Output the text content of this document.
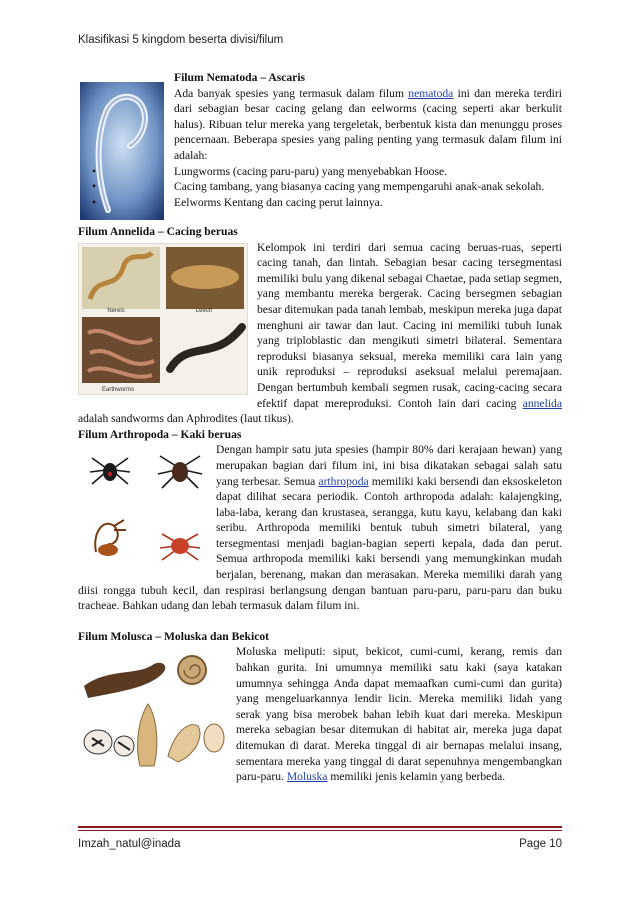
Klasifikasi 5 kingdom beserta divisi/filum
Filum Nematoda – Ascaris

Ada banyak spesies yang termasuk dalam filum nematoda ini dan mereka terdiri dari sebagian besar cacing gelang dan eelworms (cacing seperti akar berkulit halus). Ribuan telur mereka yang tergeletak, berbentuk kista dan menunggu proses pencernaan. Beberapa spesies yang paling penting yang termasuk dalam filum ini adalah:

• Lungworms (cacing paru-paru) yang menyebabkan Hoose.
• Cacing tambang, yang biasanya cacing yang mempengaruhi anak-anak sekolah.
• Eelworms Kentang dan cacing perut lainnya.
Filum Annelida – Cacing beruas
Nereis	Leech
Earthworms

Kelompok ini terdiri dari semua cacing beruas-ruas, seperti cacing tanah, dan lintah. Sebagian besar cacing tersegmentasi memiliki bulu yang dikenal sebagai Chaetae, pada setiap segmen, yang membantu mereka bergerak. Cacing bersegmen sebagian besar ditemukan pada tanah lembab, meskipun mereka juga dapat menghuni air tawar dan laut. Cacing ini memiliki tubuh lunak yang triploblastic dan mengikuti simetri bilateral. Sementara reproduksi biasanya seksual, mereka memiliki cara lain yang unik reproduksi – reproduksi aseksual melalui peremajaan. Dengan bertumbuh kembali segmen rusak, cacing-cacing secara efektif dapat mereproduksi. Contoh lain dari cacing annelida adalah sandworms dan Aphrodites (laut tikus).

Filum Arthropoda – Kaki beruas

Dengan hampir satu juta spesies (hampir 80% dari kerajaan hewan) yang merupakan bagian dari filum ini, ini bisa dikatakan sebagai salah satu yang terbesar. Semua arthropoda memiliki kaki bersendi dan eksoskeleton dapat dilihat secara periodik. Contoh arthropoda adalah: kalajengking, laba-laba, kerang dan krustasea, serangga, kutu kayu, kelabang dan kaki seribu. Arthropoda memiliki bentuk tubuh simetri bilateral, yang tersegmentasi menjadi bagian-bagian seperti kepala, dada dan perut. Semua arthropoda memiliki kaki bersendi yang memungkinkan mudah berjalan, berenang, makan dan merasakan. Mereka memiliki darah yang diisi rongga tubuh kecil, dan respirasi berlangsung dengan bantuan paru-paru, paru-paru dan buku tracheae. Bahkan udang dan lebah termasuk dalam filum ini.

Filum Molusca – Moluska dan Bekicot

Moluska meliputi: siput, bekicot, cumi-cumi, kerang, remis dan bahkan gurita. Ini umumnya memiliki satu kaki (saya katakan umumnya sehingga Anda dapat memaafkan cumi-cumi dan gurita) yang mengeluarkannya lendir licin. Mereka memiliki lidah yang serak yang bisa merobek bahan lebih kuat dari mereka. Meskipun mereka sebagian besar ditemukan di habitat air, mereka juga dapat ditemukan di darat. Mereka tinggal di air bernapas melalui insang, sementara mereka yang tinggal di darat sepenuhnya mengembangkan paru-paru. Moluska memiliki jenis kelamin yang berbeda.

Imzah_natul@inada	Page 10
